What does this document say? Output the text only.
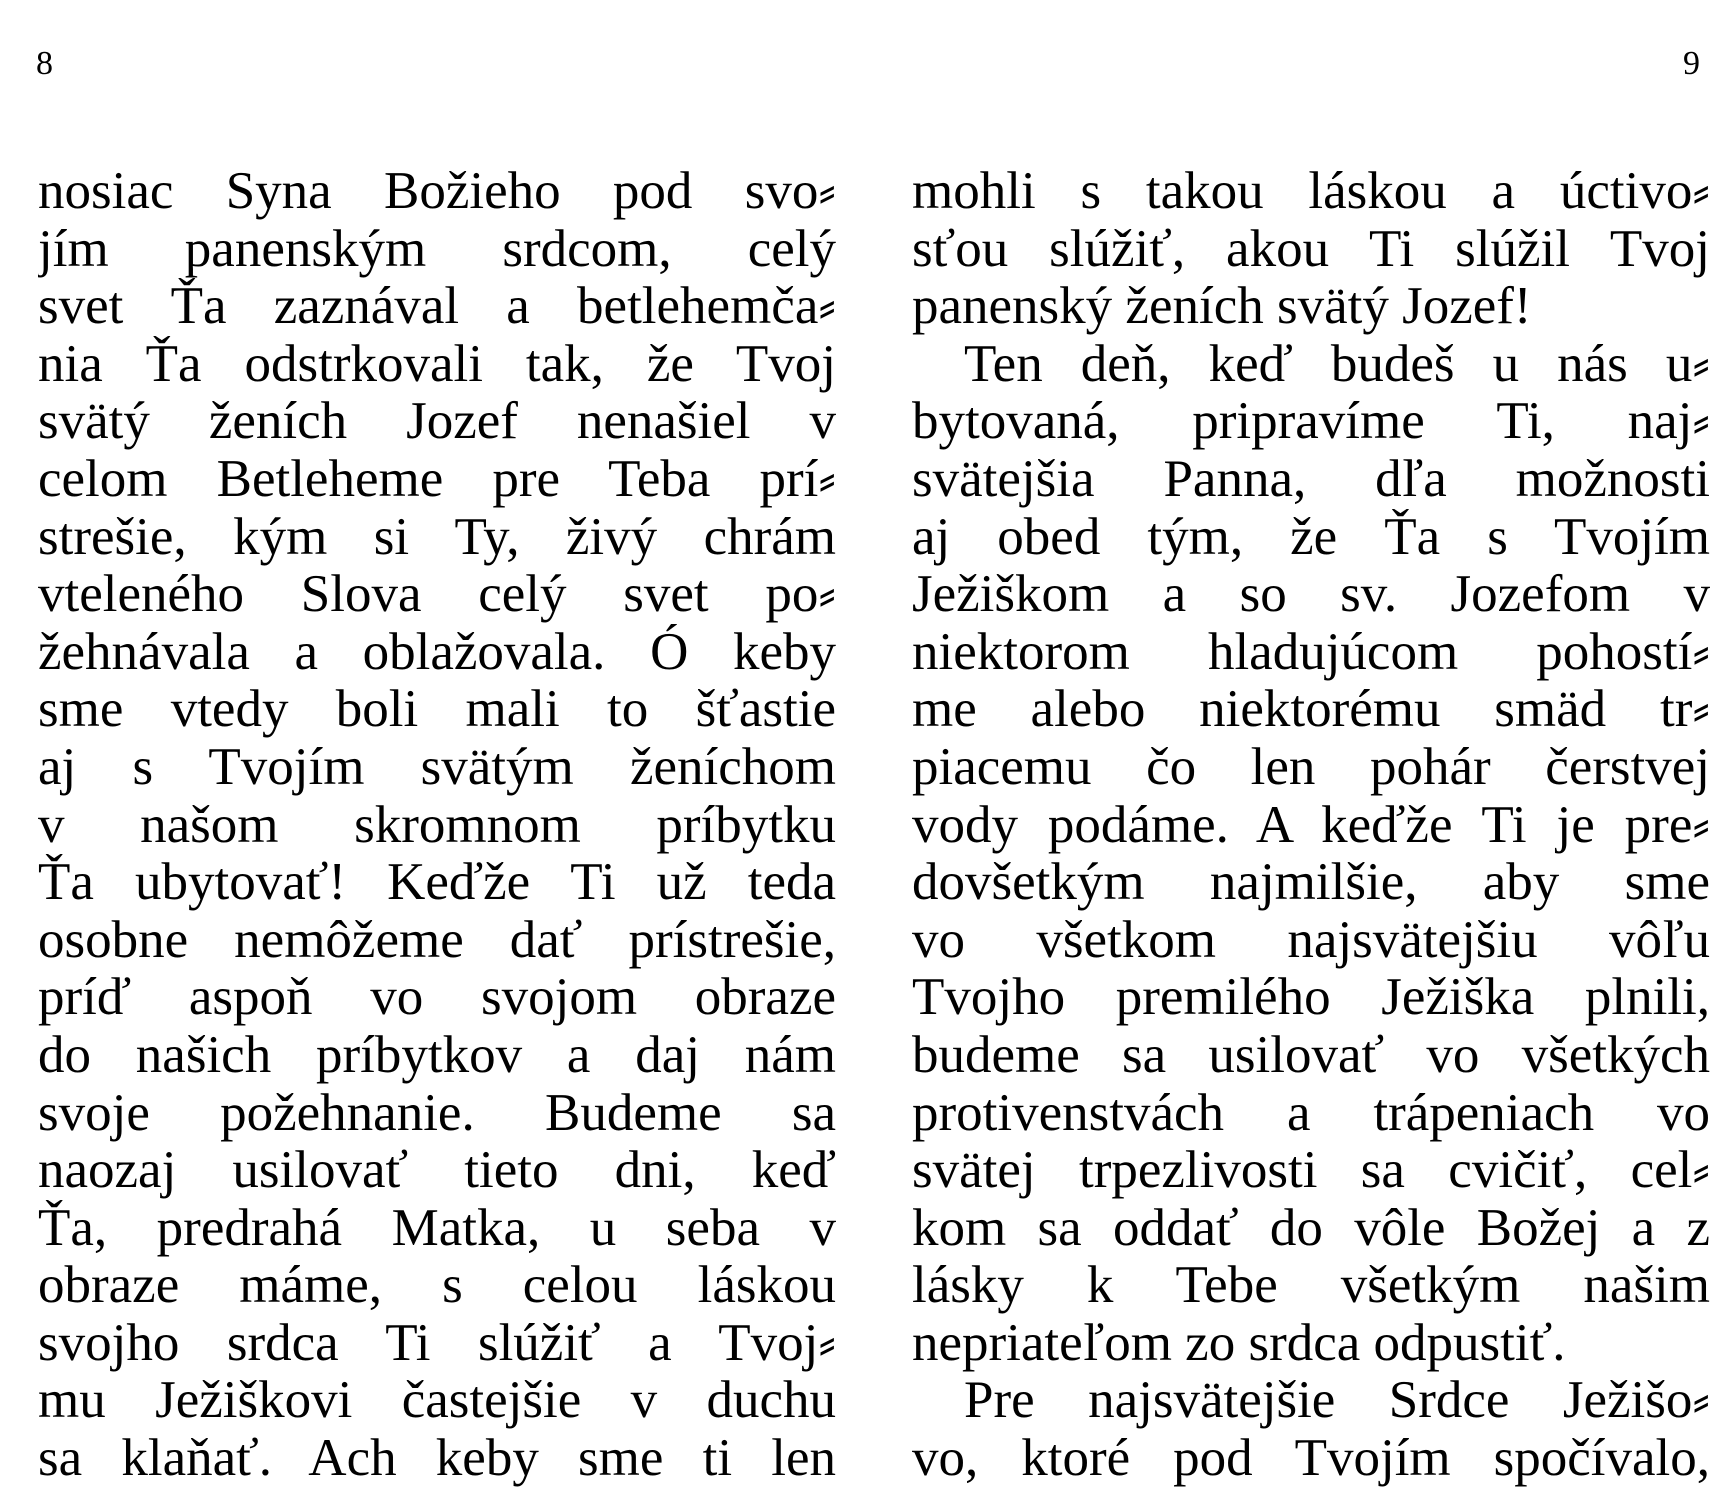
8
nosiac Syna Božieho pod svo⸗
jím panenským srdcom, celý
svet Ťa zaznával a betlehemča⸗
nia Ťa odstrkovali tak, že Tvoj
svätý ženích Jozef nenašiel v
celom Betleheme pre Teba prí⸗
strešie, kým si Ty, živý chrám
vteleného Slova celý svet po⸗
žehnávala a oblažovala. Ó keby
sme vtedy boli mali to šťastie
aj s Tvojím svätým ženíchom
v našom skromnom príbytku
Ťa ubytovať! Keďže Ti už teda
osobne nemôžeme dať prístrešie,
príď aspoň vo svojom obraze
do našich príbytkov a daj nám
svoje požehnanie. Budeme sa
naozaj usilovať tieto dni, keď
Ťa, predrahá Matka, u seba v
obraze máme, s celou láskou
svojho srdca Ti slúžiť a Tvoj⸗
mu Ježiškovi častejšie v duchu
sa klaňať. Ach keby sme ti len
9
mohli s takou láskou a úctivo⸗
sťou slúžiť, akou Ti slúžil Tvoj
panenský ženích svätý Jozef!
Ten deň, keď budeš u nás u⸗
bytovaná, pripravíme Ti, naj⸗
svätejšia Panna, dľa možnosti
aj obed tým, že Ťa s Tvojím
Ježiškom a so sv. Jozefom v
niektorom hladujúcom pohostí⸗
me alebo niektorému smäd tr⸗
piacemu čo len pohár čerstvej
vody podáme. A keďže Ti je pre⸗
dovšetkým najmilšie, aby sme
vo všetkom najsvätejšiu vôľu
Tvojho premilého Ježiška plnili,
budeme sa usilovať vo všetkých
protivenstvách a trápeniach vo
svätej trpezlivosti sa cvičiť, cel⸗
kom sa oddať do vôle Božej a z
lásky k Tebe všetkým našim
nepriateľom zo srdca odpustiť.
Pre najsvätejšie Srdce Ježišo⸗
vo, ktoré pod Tvojím spočívalo,
